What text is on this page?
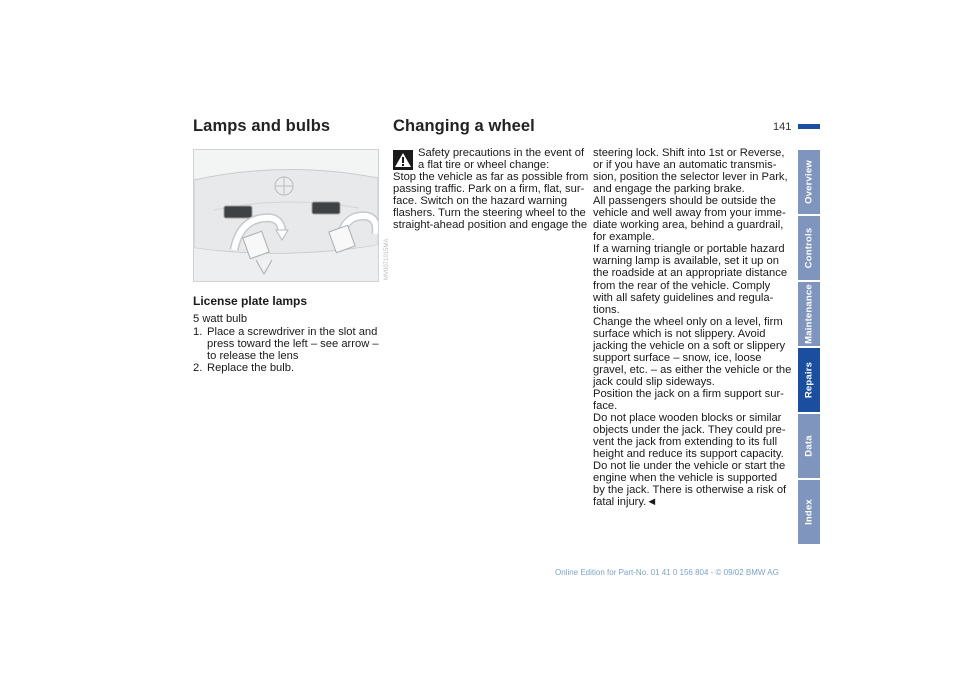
141
Lamps and bulbs
MV0071015MA
License plate lamps
5 watt bulb
1. Place a screwdriver in the slot and press toward the left – see arrow – to release the lens
2. Replace the bulb.
Changing a wheel
Safety precautions in the event of
a flat tire or wheel change:
Stop the vehicle as far as possible from
passing traffic. Park on a firm, flat, sur-
face. Switch on the hazard warning
flashers. Turn the steering wheel to the
straight-ahead position and engage the
steering lock. Shift into 1st or Reverse,
or if you have an automatic transmis-
sion, position the selector lever in Park,
and engage the parking brake.
All passengers should be outside the
vehicle and well away from your imme-
diate working area, behind a guardrail,
for example.
If a warning triangle or portable hazard
warning lamp is available, set it up on
the roadside at an appropriate distance
from the rear of the vehicle. Comply
with all safety guidelines and regula-
tions.
Change the wheel only on a level, firm
surface which is not slippery. Avoid
jacking the vehicle on a soft or slippery
support surface – snow, ice, loose
gravel, etc. – as either the vehicle or the
jack could slip sideways.
Position the jack on a firm support sur-
face.
Do not place wooden blocks or similar
objects under the jack. They could pre-
vent the jack from extending to its full
height and reduce its support capacity.
Do not lie under the vehicle or start the
engine when the vehicle is supported
by the jack. There is otherwise a risk of
fatal injury.◄
Overview
Controls
Maintenance
Repairs
Data
Index
Online Edition for Part-No. 01 41 0 156 804 - © 09/02 BMW AG
